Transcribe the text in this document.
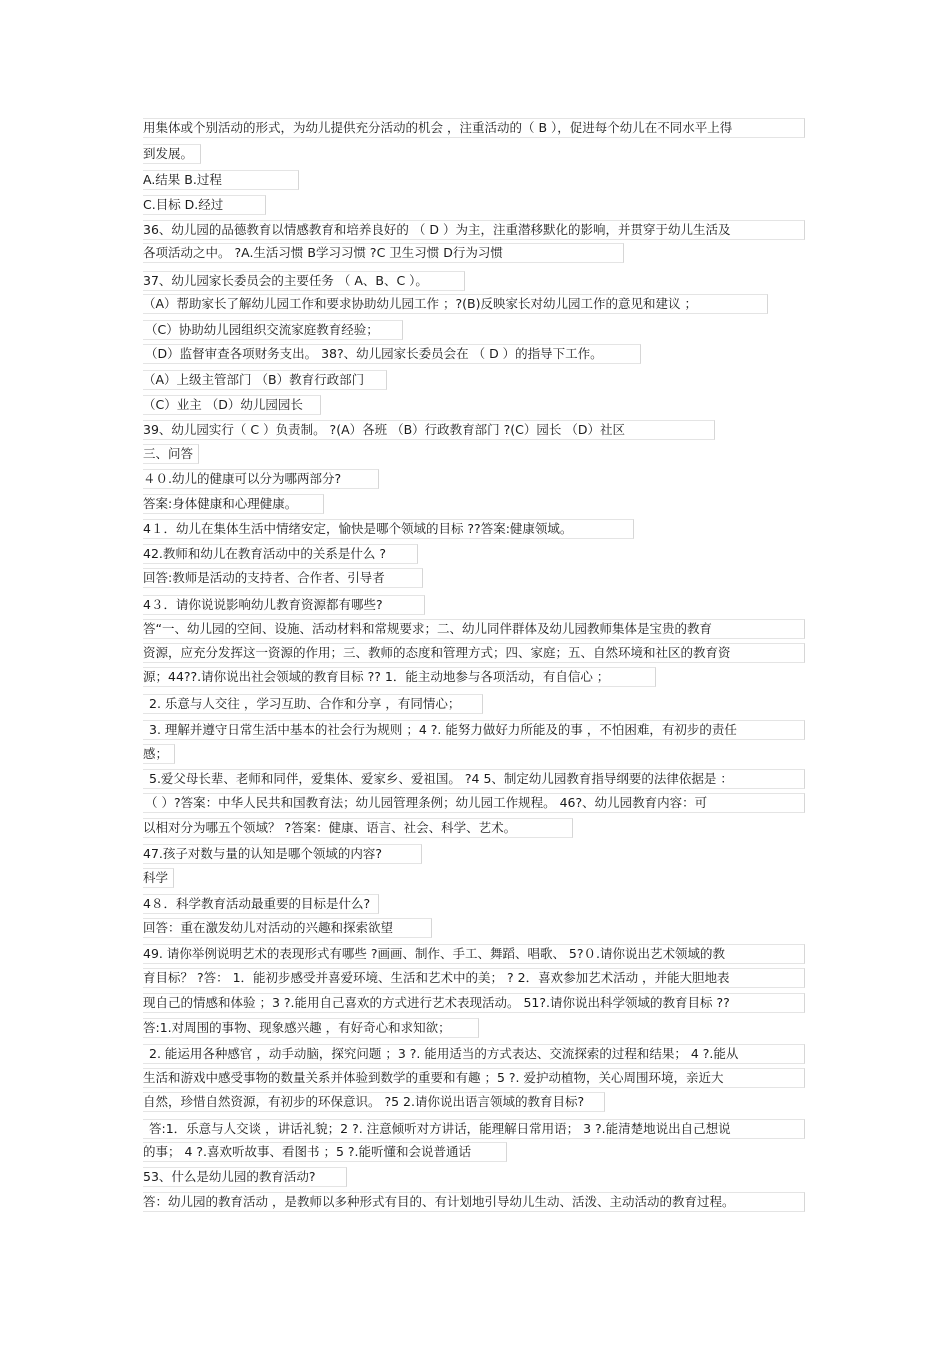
用集体或个别活动的形式，为幼儿提供充分活动的机会 ，注重活动的（ B ），促进每个幼儿在不同水平上得
到发展。
A.结果 B.过程
C.目标 D.经过
36、幼儿园的品德教育以情感教育和培养良好的 （ D ）为主，注重潜移默化的影响，并贯穿于幼儿生活及
各项活动之中。 ?A.生活习惯 B学习习惯 ?C 卫生习惯 D行为习惯
37、幼儿园家长委员会的主要任务 （ A、B、C ）。
（A）帮助家长了解幼儿园工作和要求协助幼儿园工作 ；?(B)反映家长对幼儿园工作的意见和建议 ；
（C）协助幼儿园组织交流家庭教育经验；
（D）监督审查各项财务支出。 38?、幼儿园家长委员会在 （ D ）的指导下工作。
（A）上级主管部门 （B）教育行政部门
（C）业主 （D）幼儿园园长
39、幼儿园实行（ C ）负责制。 ?(A）各班 （B）行政教育部门 ?(C）园长 （D）社区
三、问答
４０.幼儿的健康可以分为哪两部分?
答案:身体健康和心理健康。
4１．幼儿在集体生活中情绪安定，愉快是哪个领域的目标 ??答案:健康领域。
42.教师和幼儿在教育活动中的关系是什么 ?
回答:教师是活动的支持者、合作者、引导者
4３．请你说说影响幼儿教育资源都有哪些?
答“一、幼儿园的空间、设施、活动材料和常规要求；二、幼儿同伴群体及幼儿园教师集体是宝贵的教育
资源，应充分发挥这一资源的作用；三、教师的态度和管理方式；四、家庭；五、自然环境和社区的教育资
源；44??.请你说出社会领域的教育目标 ?? 1．能主动地参与各项活动，有自信心 ；
2. 乐意与人交往 ，学习互助、合作和分享 ，有同情心；
3. 理解并遵守日常生活中基本的社会行为规则 ；4 ?. 能努力做好力所能及的事 ，不怕困难，有初步的责任
感；
5.爱父母长辈、老师和同伴，爱集体、爱家乡、爱祖国。 ?4 5、制定幼儿园教育指导纲要的法律依据是 ：
（ ）?答案：中华人民共和国教育法；幼儿园管理条例；幼儿园工作规程。 46?、幼儿园教育内容：可
以相对分为哪五个领域？ ?答案：健康、语言、社会、科学、艺术。
47.孩子对数与量的认知是哪个领域的内容?
科学
4８．科学教育活动最重要的目标是什么?
回答：重在激发幼儿对活动的兴趣和探索欲望
49. 请你举例说明艺术的表现形式有哪些 ?画画、制作、手工、舞蹈、唱歌、 5?０.请你说出艺术领域的教
育目标？ ?答： 1．能初步感受并喜爱环境、生活和艺术中的美； ? 2．喜欢参加艺术活动 ，并能大胆地表
现自己的情感和体验 ；3 ?.能用自己喜欢的方式进行艺术表现活动。 51?.请你说出科学领域的教育目标 ??
答:1.对周围的事物、现象感兴趣 ，有好奇心和求知欲；
2. 能运用各种感官 ，动手动脑，探究问题 ；3 ?. 能用适当的方式表达、交流探索的过程和结果； 4 ?.能从
生活和游戏中感受事物的数量关系并体验到数学的重要和有趣 ；5 ?. 爱护动植物，关心周围环境，亲近大
自然，珍惜自然资源，有初步的环保意识。 ?5 2.请你说出语言领域的教育目标?
答:1．乐意与人交谈 ，讲话礼貌；2 ?. 注意倾听对方讲话，能理解日常用语； 3 ?.能清楚地说出自己想说
的事； 4 ?.喜欢听故事、看图书 ；5 ?.能听懂和会说普通话
53、什么是幼儿园的教育活动?
答：幼儿园的教育活动 ，是教师以多种形式有目的、有计划地引导幼儿生动、活泼、主动活动的教育过程。
